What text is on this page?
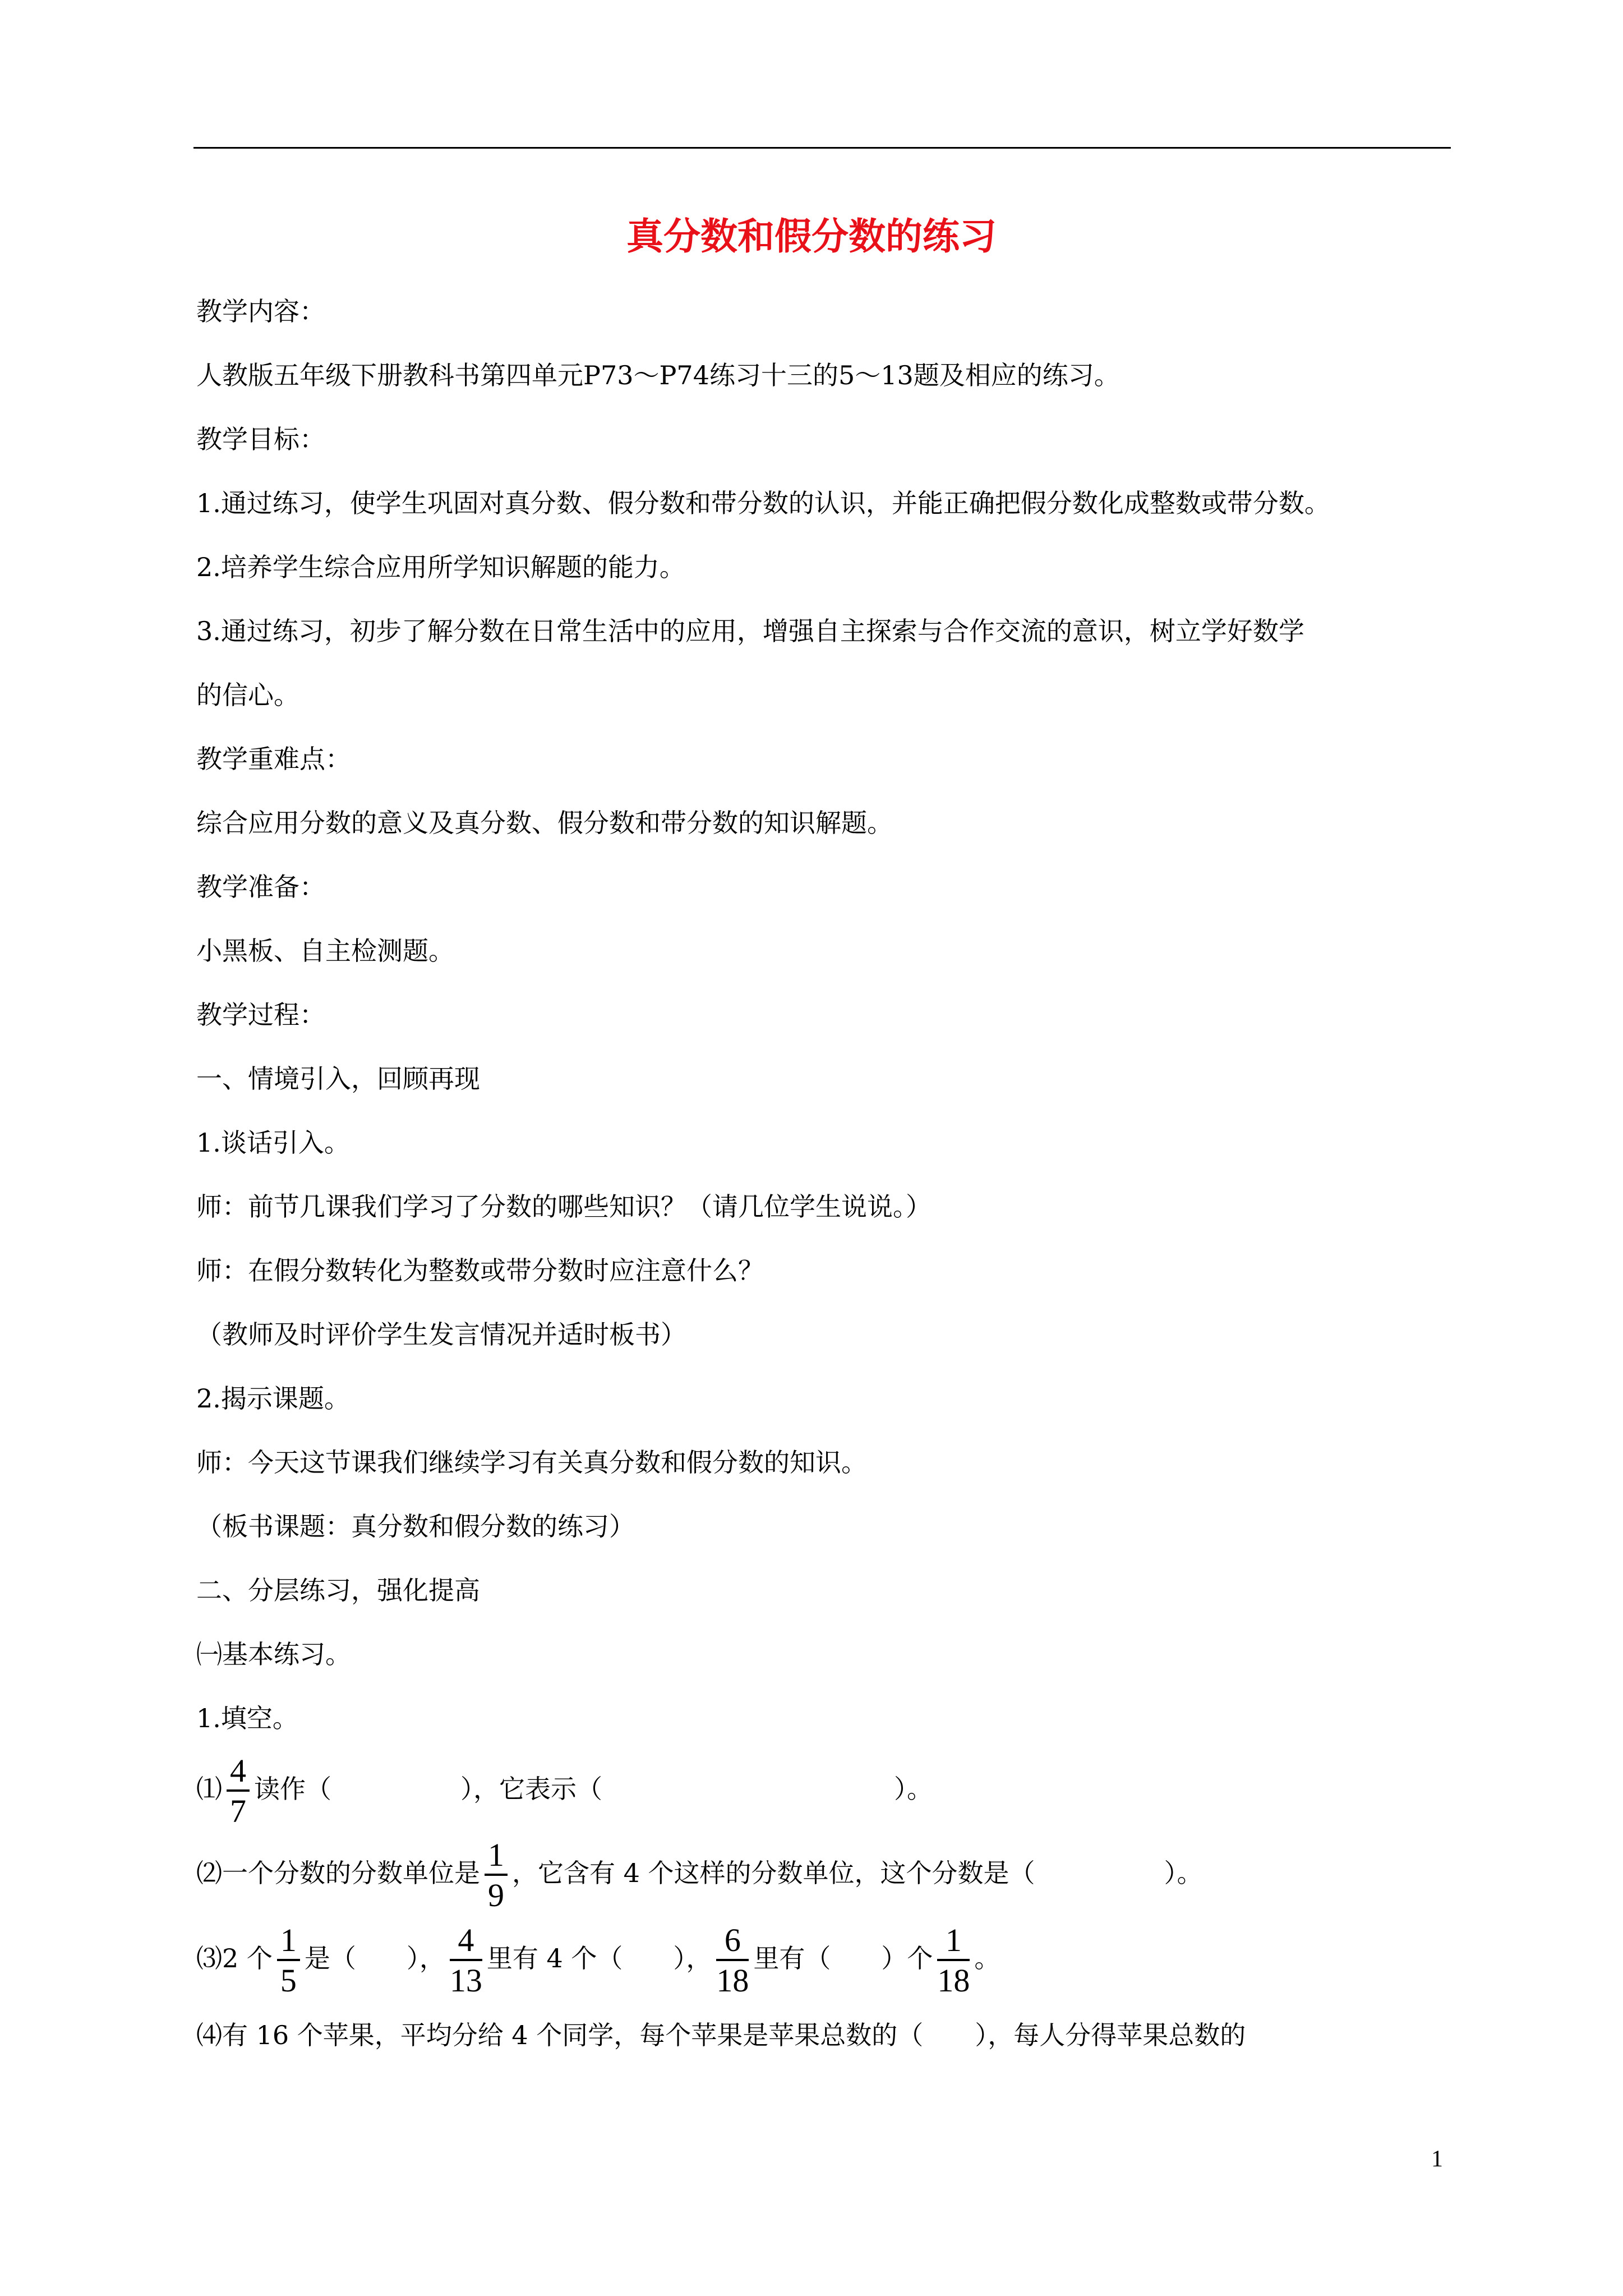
真分数和假分数的练习
教学内容：
人教版五年级下册教科书第四单元P73～P74练习十三的5～13题及相应的练习。
教学目标：
1.通过练习，使学生巩固对真分数、假分数和带分数的认识，并能正确把假分数化成整数或带分数。
2.培养学生综合应用所学知识解题的能力。
3.通过练习，初步了解分数在日常生活中的应用，增强自主探索与合作交流的意识，树立学好数学
的信心。
教学重难点：
综合应用分数的意义及真分数、假分数和带分数的知识解题。
教学准备：
小黑板、自主检测题。
教学过程：
一、情境引入，回顾再现
1.谈话引入。
师：前节几课我们学习了分数的哪些知识？（请几位学生说说。）
师：在假分数转化为整数或带分数时应注意什么？
（教师及时评价学生发言情况并适时板书）
2.揭示课题。
师：今天这节课我们继续学习有关真分数和假分数的知识。
（板书课题：真分数和假分数的练习）
二、分层练习，强化提高
㈠基本练习。
1.填空。
⑴ $\frac{4}{7}$ 读作（	），它表示（	）。
⑵一个分数的分数单位是 $\frac{1}{9}$ ，它含有 4 个这样的分数单位，这个分数是（	）。
⑶2 个 $\frac{1}{5}$ 是（ ）， $\frac{4}{13}$ 里有 4 个（ ）， $\frac{6}{18}$ 里有（ ）个 $\frac{1}{18}$ 。
⑷有 16 个苹果，平均分给 4 个同学，每个苹果是苹果总数的（　　），每人分得苹果总数的
1
